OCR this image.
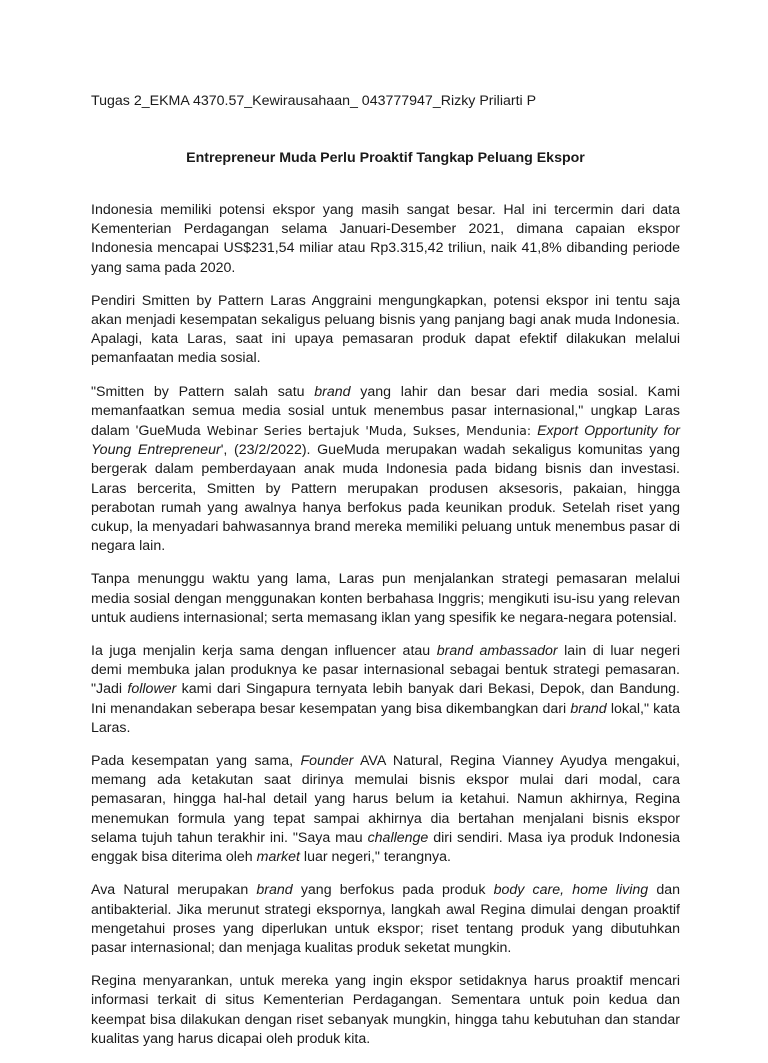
Tugas 2_EKMA 4370.57_Kewirausahaan_ 043777947_Rizky Priliarti P

Entrepreneur Muda Perlu Proaktif Tangkap Peluang Ekspor

Indonesia memiliki potensi ekspor yang masih sangat besar. Hal ini tercermin dari data Kementerian Perdagangan selama Januari-Desember 2021, dimana capaian ekspor Indonesia mencapai US$231,54 miliar atau Rp3.315,42 triliun, naik 41,8% dibanding periode yang sama pada 2020.

Pendiri Smitten by Pattern Laras Anggraini mengungkapkan, potensi ekspor ini tentu saja akan menjadi kesempatan sekaligus peluang bisnis yang panjang bagi anak muda Indonesia. Apalagi, kata Laras, saat ini upaya pemasaran produk dapat efektif dilakukan melalui pemanfaatan media sosial.

"Smitten by Pattern salah satu brand yang lahir dan besar dari media sosial. Kami memanfaatkan semua media sosial untuk menembus pasar internasional," ungkap Laras dalam 'GueMuda Webinar Series bertajuk 'Muda, Sukses, Mendunia: Export Opportunity for Young Entrepreneur', (23/2/2022). GueMuda merupakan wadah sekaligus komunitas yang bergerak dalam pemberdayaan anak muda Indonesia pada bidang bisnis dan investasi. Laras bercerita, Smitten by Pattern merupakan produsen aksesoris, pakaian, hingga perabotan rumah yang awalnya hanya berfokus pada keunikan produk. Setelah riset yang cukup, la menyadari bahwasannya brand mereka memiliki peluang untuk menembus pasar di negara lain.

Tanpa menunggu waktu yang lama, Laras pun menjalankan strategi pemasaran melalui media sosial dengan menggunakan konten berbahasa Inggris; mengikuti isu-isu yang relevan untuk audiens internasional; serta memasang iklan yang spesifik ke negara-negara potensial.

Ia juga menjalin kerja sama dengan influencer atau brand ambassador lain di luar negeri demi membuka jalan produknya ke pasar internasional sebagai bentuk strategi pemasaran. "Jadi follower kami dari Singapura ternyata lebih banyak dari Bekasi, Depok, dan Bandung. Ini menandakan seberapa besar kesempatan yang bisa dikembangkan dari brand lokal," kata Laras.

Pada kesempatan yang sama, Founder AVA Natural, Regina Vianney Ayudya mengakui, memang ada ketakutan saat dirinya memulai bisnis ekspor mulai dari modal, cara pemasaran, hingga hal-hal detail yang harus belum ia ketahui. Namun akhirnya, Regina menemukan formula yang tepat sampai akhirnya dia bertahan menjalani bisnis ekspor selama tujuh tahun terakhir ini. "Saya mau challenge diri sendiri. Masa iya produk Indonesia enggak bisa diterima oleh market luar negeri," terangnya.

Ava Natural merupakan brand yang berfokus pada produk body care, home living dan antibakterial. Jika merunut strategi ekspornya, langkah awal Regina dimulai dengan proaktif mengetahui proses yang diperlukan untuk ekspor; riset tentang produk yang dibutuhkan pasar internasional; dan menjaga kualitas produk seketat mungkin.

Regina menyarankan, untuk mereka yang ingin ekspor setidaknya harus proaktif mencari informasi terkait di situs Kementerian Perdagangan. Sementara untuk poin kedua dan keempat bisa dilakukan dengan riset sebanyak mungkin, hingga tahu kebutuhan dan standar kualitas yang harus dicapai oleh produk kita.
